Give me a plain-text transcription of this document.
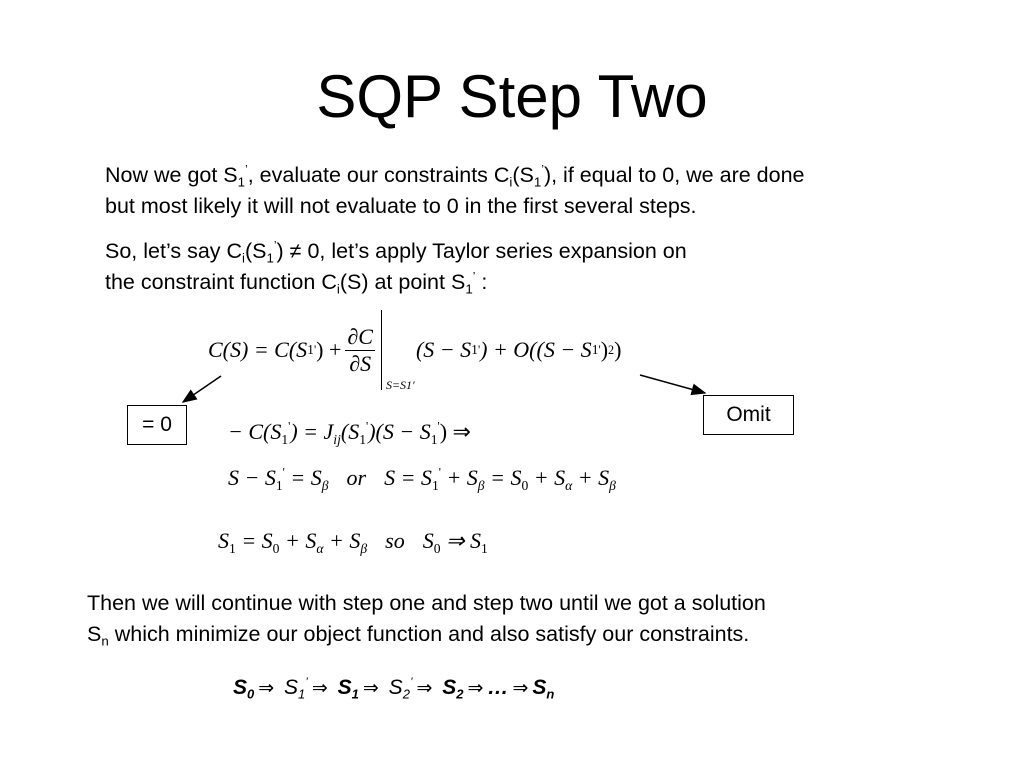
SQP Step Two
Now we got $S_1^’$, evaluate our constraints $C_i(S_1^’)$, if equal to 0, we are done
but most likely it will not evaluate to 0 in the first several steps.
So, let’s say $C_i(S_1^’) \ne 0$, let’s apply Taylor series expansion on
the constraint function $C_i(S)$ at point $S_1^’$ :
C(S) = C(S 1 ' ) + $\frac{\partial C}{\partial S}$
S=S1'
(S − S 1 ' ) + O((S − S 1 ' ) 2 )
= 0	Omit
− $C(S_1') = J_{ij}(S_1')(S - S_1')$ ⇒
$S - S_1' = S_\beta$ or $S = S_1' + S_\beta = S_0 + S_\alpha + S_\beta$
$S_1 = S_0 + S_\alpha + S_\beta$ so $S_0$ ⇒ $S_1$
Then we will continue with step one and step two until we got a solution
$S_n$ which minimize our object function and also satisfy our constraints.
$S_0$ ⇒ $S_1^’$ ⇒ $S_1$ ⇒ $S_2^’$ ⇒ $S_2$ ⇒ … ⇒ $S_n$
